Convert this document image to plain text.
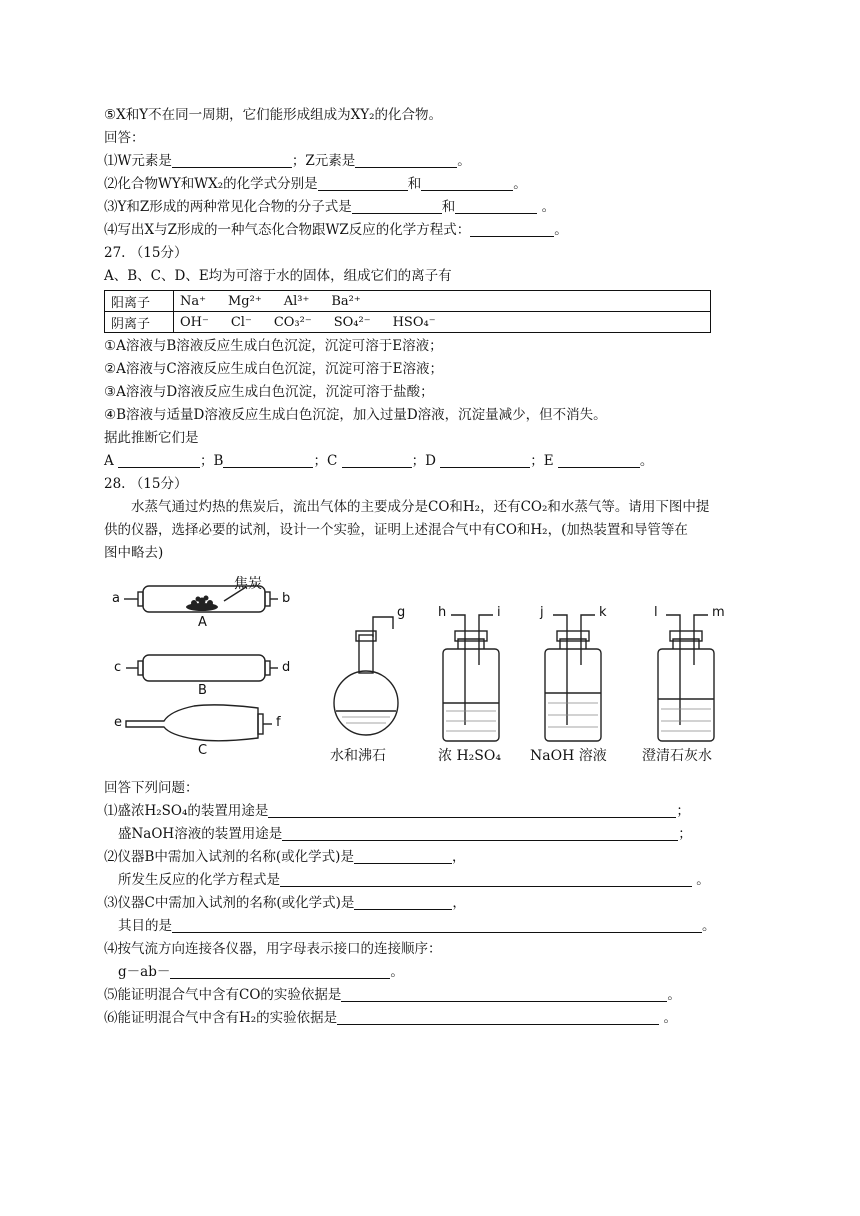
⑤X和Y不在同一周期，它们能形成组成为XY₂的化合物。
回答：
⑴W元素是	；Z元素是	。
⑵化合物WY和WX₂的化学式分别是	和	。
⑶Y和Z形成的两种常见化合物的分子式是	和	。
⑷写出X与Z形成的一种气态化合物跟WZ反应的化学方程式：	。
27. （15分）
A、B、C、D、E均为可溶于水的固体，组成它们的离子有
阳离子	Na⁺ Mg²⁺ Al³⁺ Ba²⁺
阴离子	OH⁻ Cl⁻ CO₃²⁻ SO₄²⁻ HSO₄⁻
①A溶液与B溶液反应生成白色沉淀，沉淀可溶于E溶液；
②A溶液与C溶液反应生成白色沉淀，沉淀可溶于E溶液；
③A溶液与D溶液反应生成白色沉淀，沉淀可溶于盐酸；
④B溶液与适量D溶液反应生成白色沉淀，加入过量D溶液，沉淀量减少，但不消失。
据此推断它们是
A	；B	；C	；D	；E	。
28. （15分）
水蒸气通过灼热的焦炭后，流出气体的主要成分是CO和H₂，还有CO₂和水蒸气等。请用下图中提
供的仪器，选择必要的试剂，设计一个实验，证明上述混合气中有CO和H₂，(加热装置和导管等在
图中略去)
焦炭
a	b
A
c	d
B
e	f
C
g	h	i	j	k	l	m
水和沸石	浓 H₂SO₄ NaOH 溶液	澄清石灰水
回答下列问题：
⑴盛浓H₂SO₄的装置用途是	；
盛NaOH溶液的装置用途是	；
⑵仪器B中需加入试剂的名称(或化学式)是	，
所发生反应的化学方程式是	。
⑶仪器C中需加入试剂的名称(或化学式)是	，
其目的是	。
⑷按气流方向连接各仪器，用字母表示接口的连接顺序：
g－ab－	。
⑸能证明混合气中含有CO的实验依据是	。
⑹能证明混合气中含有H₂的实验依据是	。
